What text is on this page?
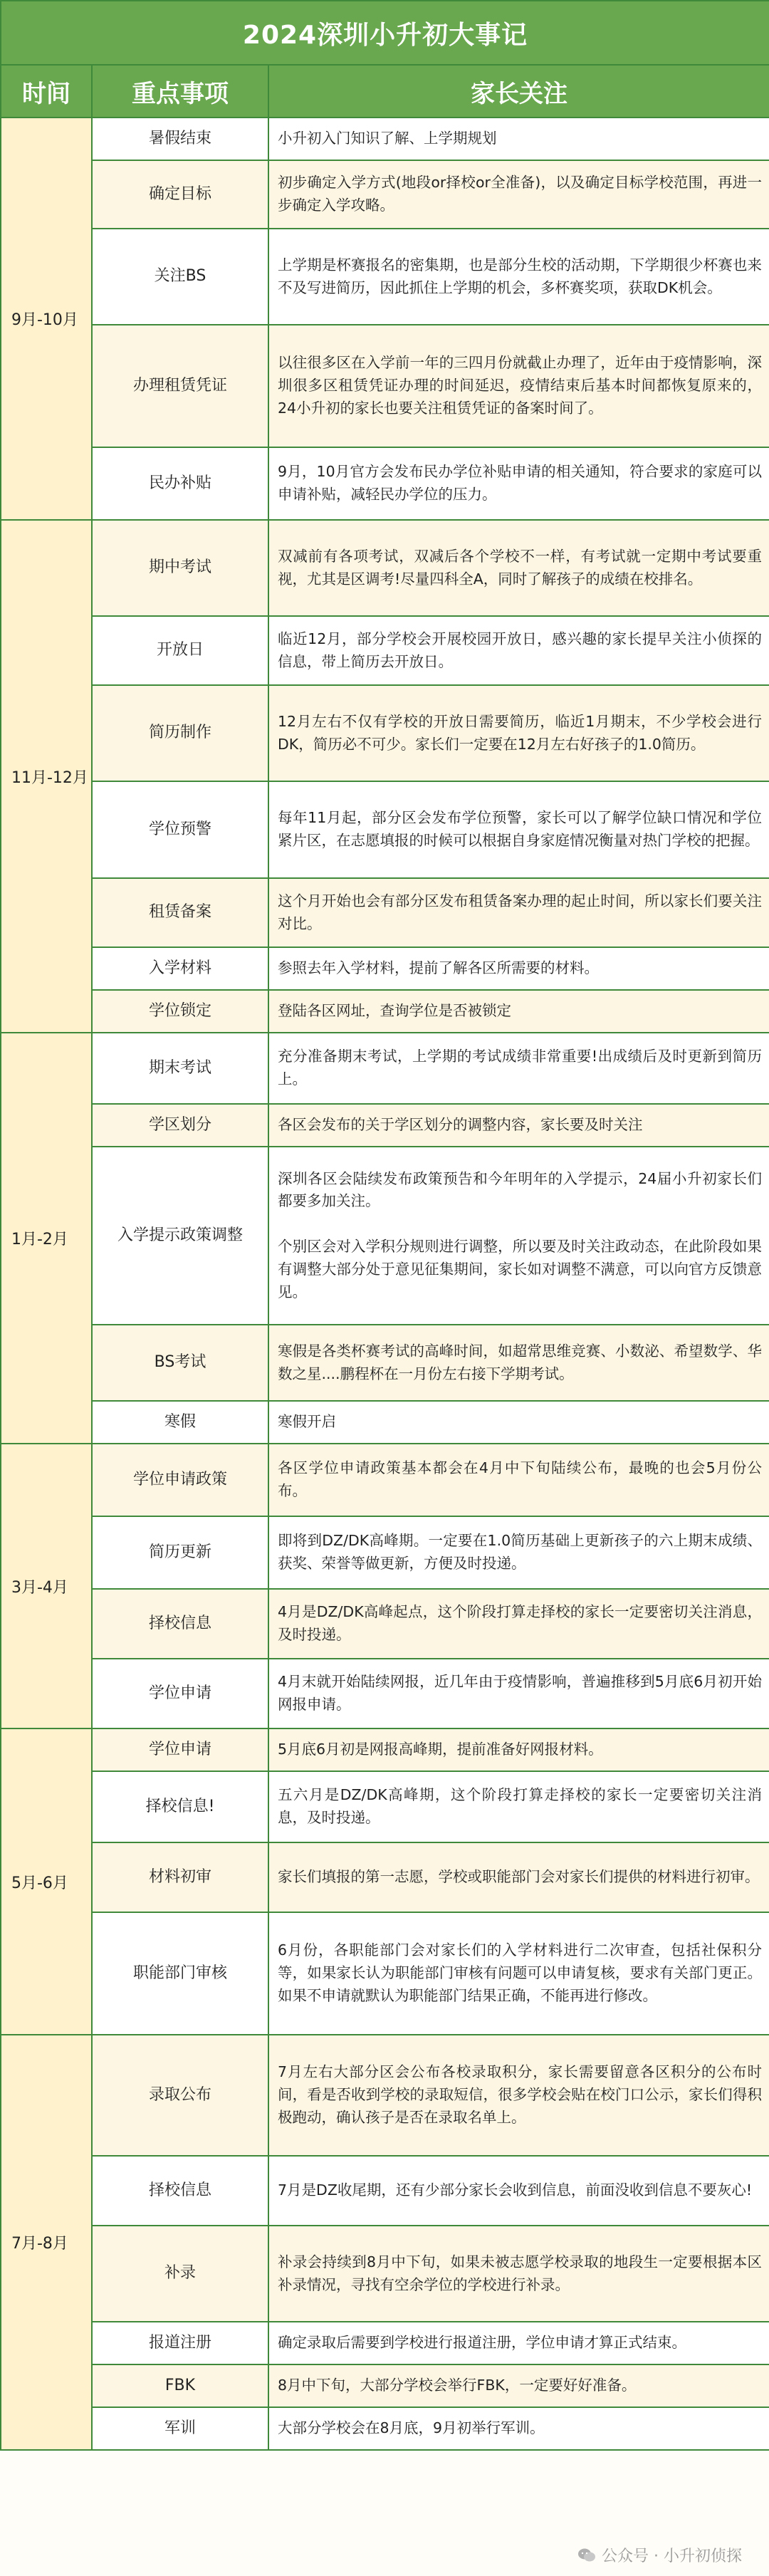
2024深圳小升初大事记		
时间	重点事项	家长关注
9月-10月	暑假结束	小升初入门知识了解、上学期规划
	确定目标	初步确定入学方式(地段or择校or全准备)，以及确定目标学校范围，再进一步确定入学攻略。
	关注BS	上学期是杯赛报名的密集期，也是部分生校的活动期，下学期很少杯赛也来不及写进简历，因此抓住上学期的机会，多杯赛奖项，获取DK机会。
	办理租赁凭证	以往很多区在入学前一年的三四月份就截止办理了，近年由于疫情影响，深圳很多区租赁凭证办理的时间延迟，疫情结束后基本时间都恢复原来的，24小升初的家长也要关注租赁凭证的备案时间了。
	民办补贴	9月，10月官方会发布民办学位补贴申请的相关通知，符合要求的家庭可以申请补贴，减轻民办学位的压力。
11月-12月	期中考试	双减前有各项考试，双减后各个学校不一样，有考试就一定期中考试要重视，尤其是区调考!尽量四科全A，同时了解孩子的成绩在校排名。
	开放日	临近12月，部分学校会开展校园开放日，感兴趣的家长提早关注小侦探的信息，带上简历去开放日。
	简历制作	12月左右不仅有学校的开放日需要简历，临近1月期末，不少学校会进行DK，简历必不可少。家长们一定要在12月左右好孩子的1.0简历。
	学位预警	每年11月起，部分区会发布学位预警，家长可以了解学位缺口情况和学位紧片区，在志愿填报的时候可以根据自身家庭情况衡量对热门学校的把握。
	租赁备案	这个月开始也会有部分区发布租赁备案办理的起止时间，所以家长们要关注对比。
	入学材料	参照去年入学材料，提前了解各区所需要的材料。
	学位锁定	登陆各区网址，查询学位是否被锁定
1月-2月	期末考试	充分准备期末考试，上学期的考试成绩非常重要!出成绩后及时更新到简历上。
	学区划分	各区会发布的关于学区划分的调整内容，家长要及时关注
	入学提示政策调整	深圳各区会陆续发布政策预告和今年明年的入学提示，24届小升初家长们都要多加关注。

个别区会对入学积分规则进行调整，所以要及时关注政动态，在此阶段如果有调整大部分处于意见征集期间，家长如对调整不满意，可以向官方反馈意见。
	BS考试	寒假是各类杯赛考试的高峰时间，如超常思维竞赛、小数泌、希望数学、华数之星....鹏程杯在一月份左右接下学期考试。
	寒假	寒假开启
3月-4月	学位申请政策	各区学位申请政策基本都会在4月中下旬陆续公布，最晚的也会5月份公布。
	简历更新	即将到DZ/DK高峰期。一定要在1.0简历基础上更新孩子的六上期末成绩、获奖、荣誉等做更新，方便及时投递。
	择校信息	4月是DZ/DK高峰起点，这个阶段打算走择校的家长一定要密切关注消息，及时投递。
	学位申请	4月末就开始陆续网报，近几年由于疫情影响，普遍推移到5月底6月初开始网报申请。
5月-6月	学位申请	5月底6月初是网报高峰期，提前准备好网报材料。
	择校信息!	五六月是DZ/DK高峰期，这个阶段打算走择校的家长一定要密切关注消息，及时投递。
	材料初审	家长们填报的第一志愿，学校或职能部门会对家长们提供的材料进行初审。
	职能部门审核	6月份，各职能部门会对家长们的入学材料进行二次审查，包括社保积分等，如果家长认为职能部门审核有问题可以申请复核，要求有关部门更正。如果不申请就默认为职能部门结果正确，不能再进行修改。
7月-8月	录取公布	7月左右大部分区会公布各校录取积分，家长需要留意各区积分的公布时间，看是否收到学校的录取短信，很多学校会贴在校门口公示，家长们得积极跑动，确认孩子是否在录取名单上。
	择校信息	7月是DZ收尾期，还有少部分家长会收到信息，前面没收到信息不要灰心!
	补录	补录会持续到8月中下旬，如果未被志愿学校录取的地段生一定要根据本区补录情况，寻找有空余学位的学校进行补录。
	报道注册	确定录取后需要到学校进行报道注册，学位申请才算正式结束。
	FBK	8月中下旬，大部分学校会举行FBK，一定要好好准备。
	军训	大部分学校会在8月底，9月初举行军训。
公众号 · 小升初侦探
